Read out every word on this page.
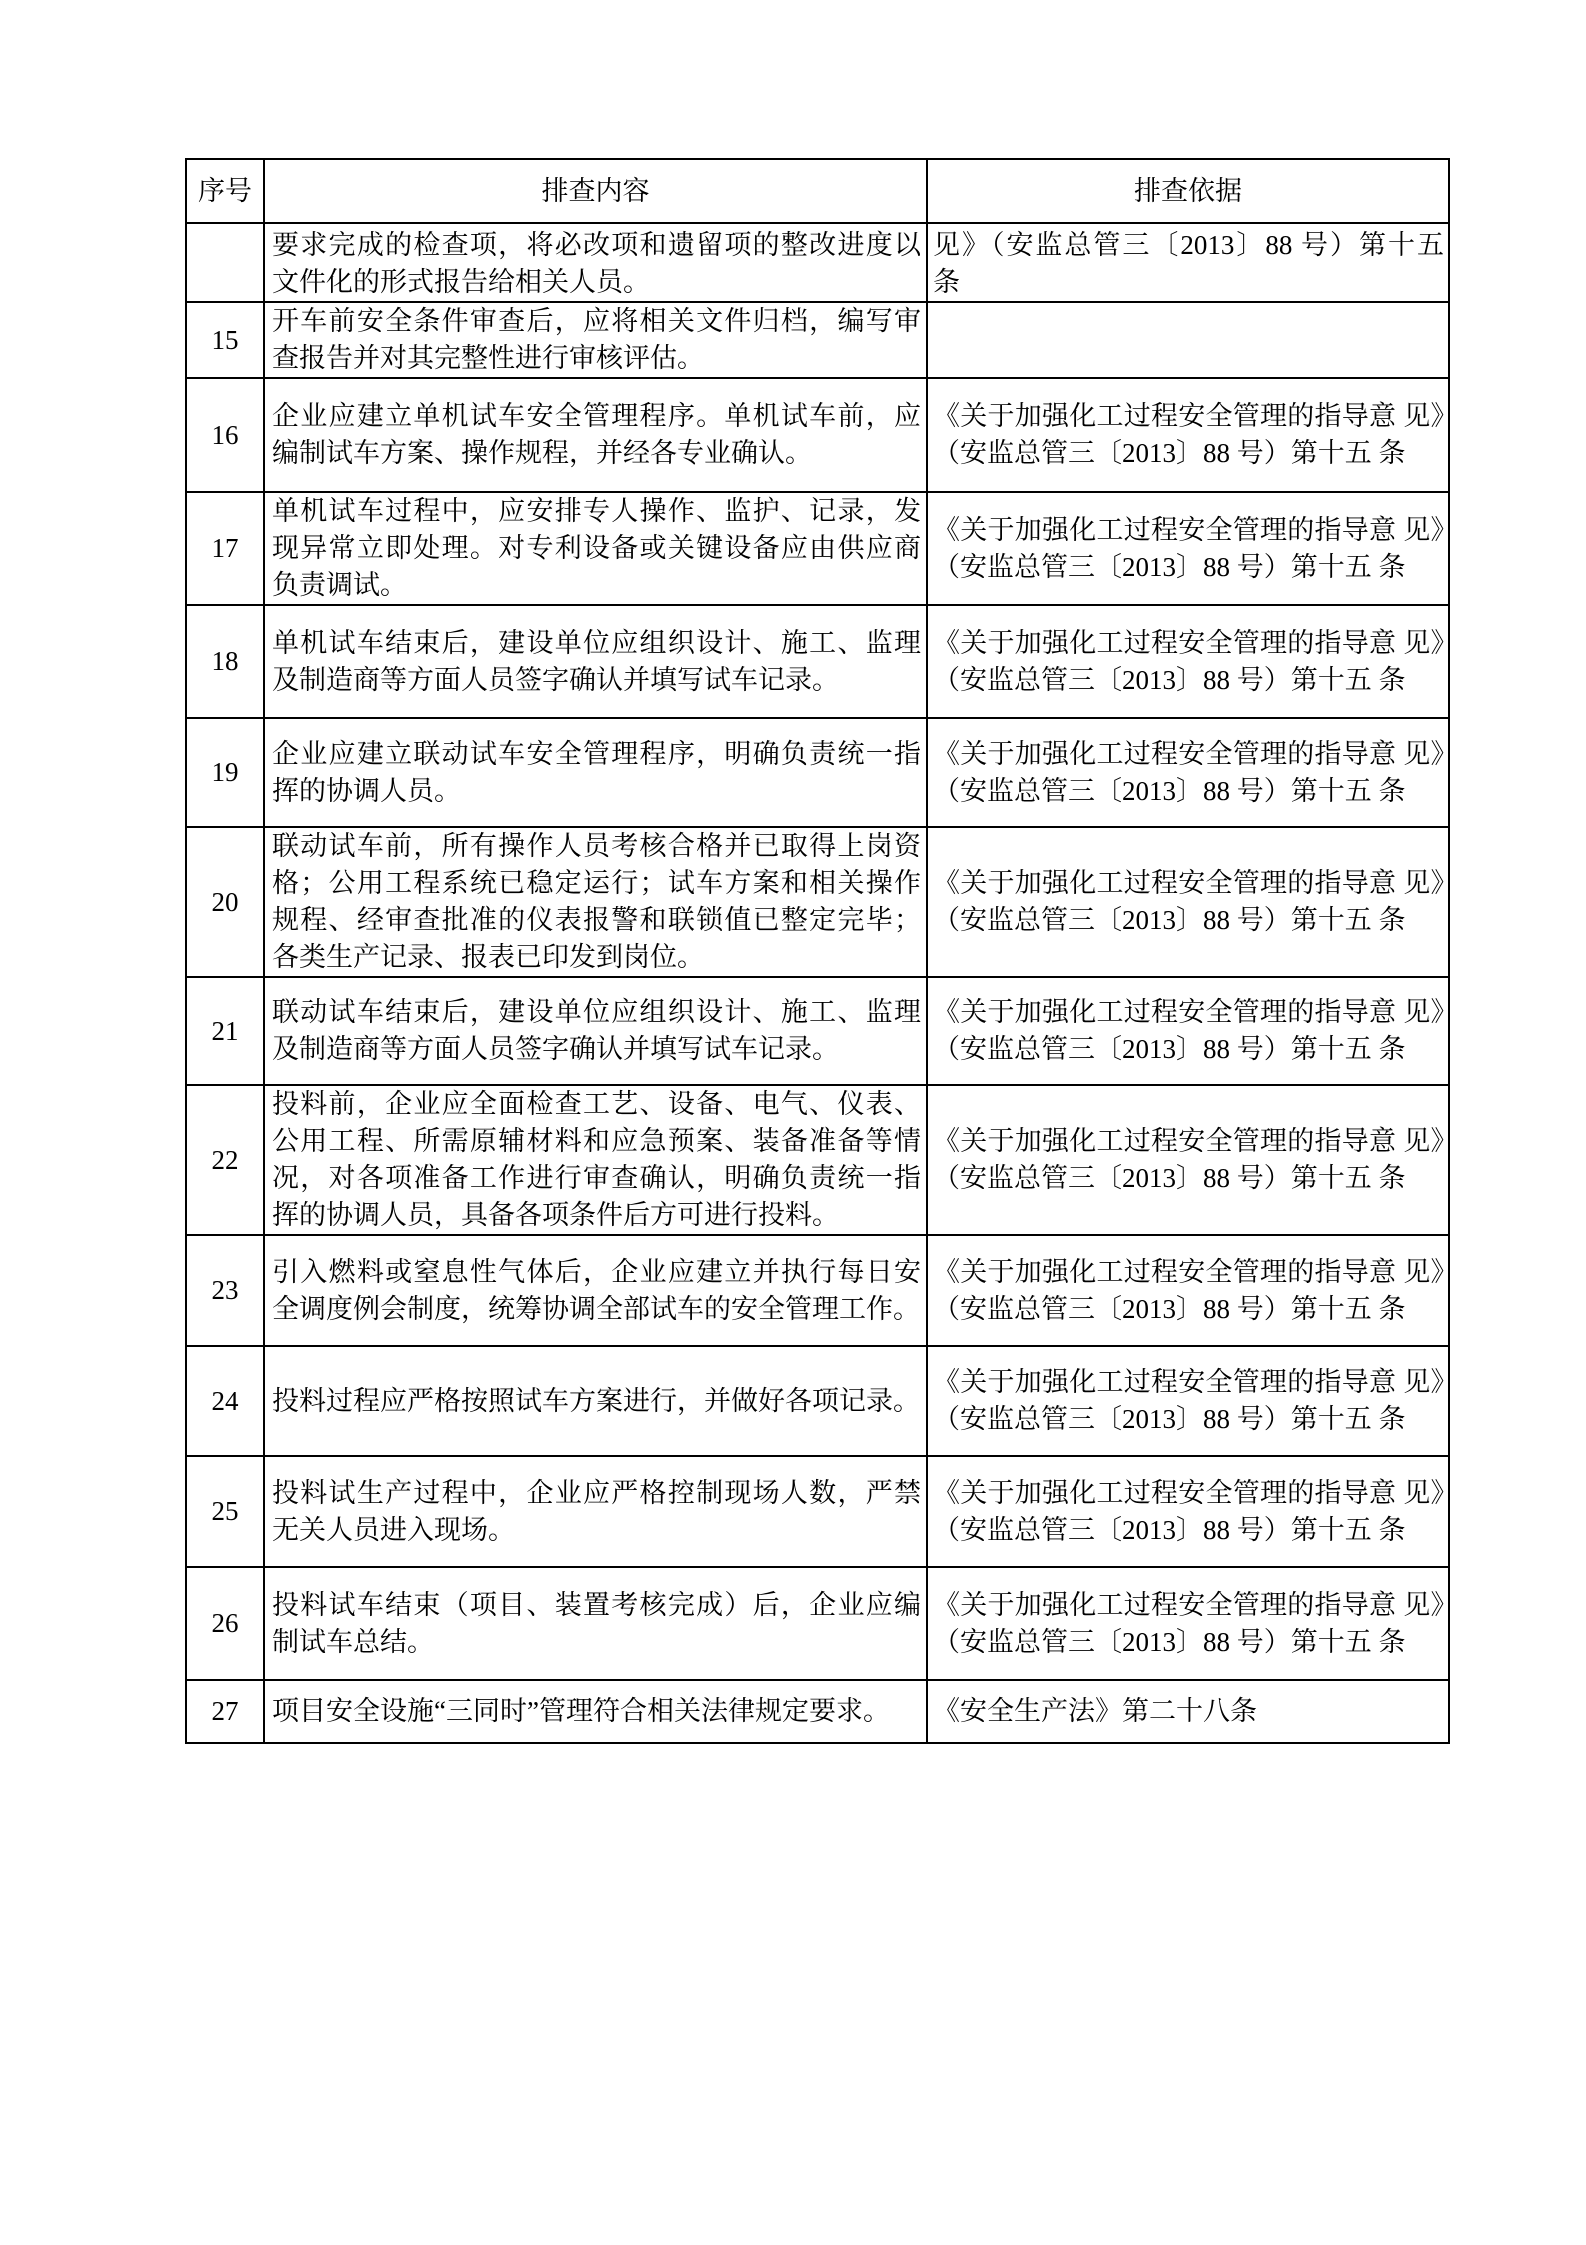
序号	排查内容	排查依据
	要求完成的检查项，将必改项和遗留项的整改进度以 文件化的形式报告给相关人员。	见》（安监总管三〔2013〕88 号）第十五 条
15	开车前安全条件审查后，应将相关文件归档，编写审 查报告并对其完整性进行审核评估。	
16	企业应建立单机试车安全管理程序。单机试车前，应 编制试车方案、操作规程，并经各专业确认。	《关于加强化工过程安全管理的指导意 见》（安监总管三〔2013〕88 号）第十五 条
17	单机试车过程中，应安排专人操作、监护、记录，发 现异常立即处理。对专利设备或关键设备应由供应商 负责调试。	《关于加强化工过程安全管理的指导意 见》（安监总管三〔2013〕88 号）第十五 条
18	单机试车结束后，建设单位应组织设计、施工、监理 及制造商等方面人员签字确认并填写试车记录。	《关于加强化工过程安全管理的指导意 见》（安监总管三〔2013〕88 号）第十五 条
19	企业应建立联动试车安全管理程序，明确负责统一指 挥的协调人员。	《关于加强化工过程安全管理的指导意 见》（安监总管三〔2013〕88 号）第十五 条
20	联动试车前，所有操作人员考核合格并已取得上岗资 格；公用工程系统已稳定运行；试车方案和相关操作 规程、经审查批准的仪表报警和联锁值已整定完毕； 各类生产记录、报表已印发到岗位。	《关于加强化工过程安全管理的指导意 见》（安监总管三〔2013〕88 号）第十五 条
21	联动试车结束后，建设单位应组织设计、施工、监理 及制造商等方面人员签字确认并填写试车记录。	《关于加强化工过程安全管理的指导意 见》（安监总管三〔2013〕88 号）第十五 条
22	投料前，企业应全面检查工艺、设备、电气、仪表、 公用工程、所需原辅材料和应急预案、装备准备等情 况，对各项准备工作进行审查确认，明确负责统一指 挥的协调人员，具备各项条件后方可进行投料。	《关于加强化工过程安全管理的指导意 见》（安监总管三〔2013〕88 号）第十五 条
23	引入燃料或窒息性气体后，企业应建立并执行每日安 全调度例会制度，统筹协调全部试车的安全管理工作。	《关于加强化工过程安全管理的指导意 见》（安监总管三〔2013〕88 号）第十五 条
24	投料过程应严格按照试车方案进行，并做好各项记录。	《关于加强化工过程安全管理的指导意 见》（安监总管三〔2013〕88 号）第十五 条
25	投料试生产过程中，企业应严格控制现场人数，严禁 无关人员进入现场。	《关于加强化工过程安全管理的指导意 见》（安监总管三〔2013〕88 号）第十五 条
26	投料试车结束（项目、装置考核完成）后，企业应编 制试车总结。	《关于加强化工过程安全管理的指导意 见》（安监总管三〔2013〕88 号）第十五 条
27	项目安全设施“三同时”管理符合相关法律规定要求。	《安全生产法》第二十八条
